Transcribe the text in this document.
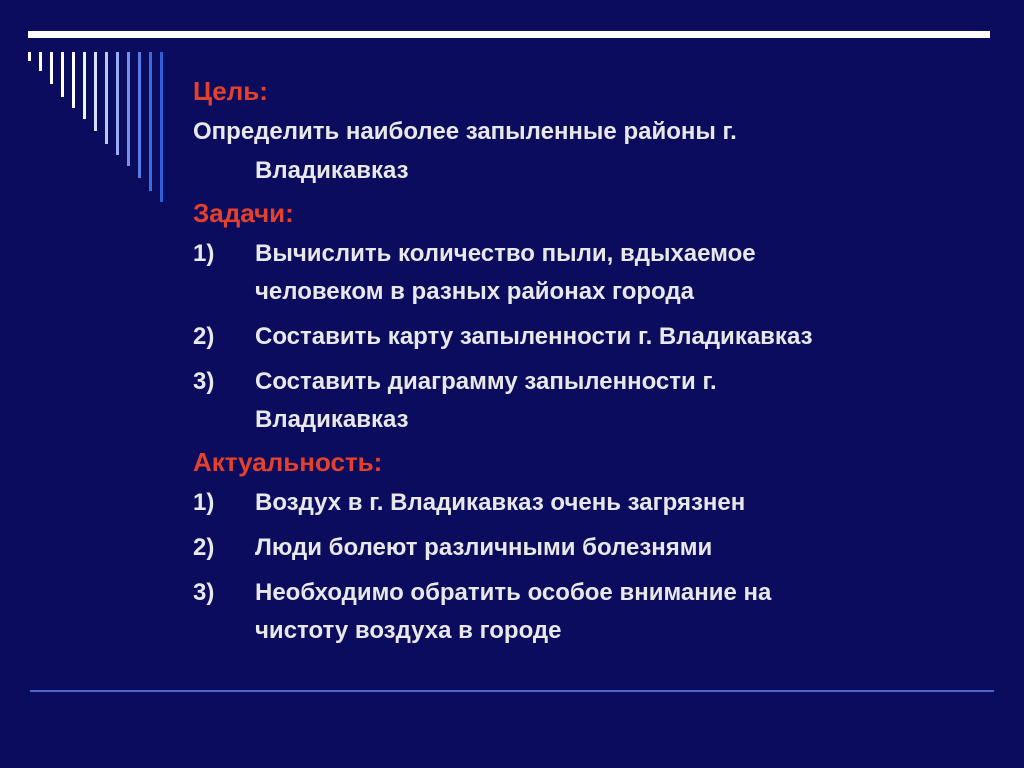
Цель:
Определить наиболее запыленные районы г.
Владикавказ
Задачи:
1)	Вычислить количество пыли, вдыхаемое
человеком в разных районах города
2)	Составить карту запыленности г. Владикавказ
3)	Составить диаграмму запыленности г.
Владикавказ
Актуальность:
1)	Воздух в г. Владикавказ очень загрязнен
2)	Люди болеют различными болезнями
3)	Необходимо обратить особое внимание на
чистоту воздуха в городе
